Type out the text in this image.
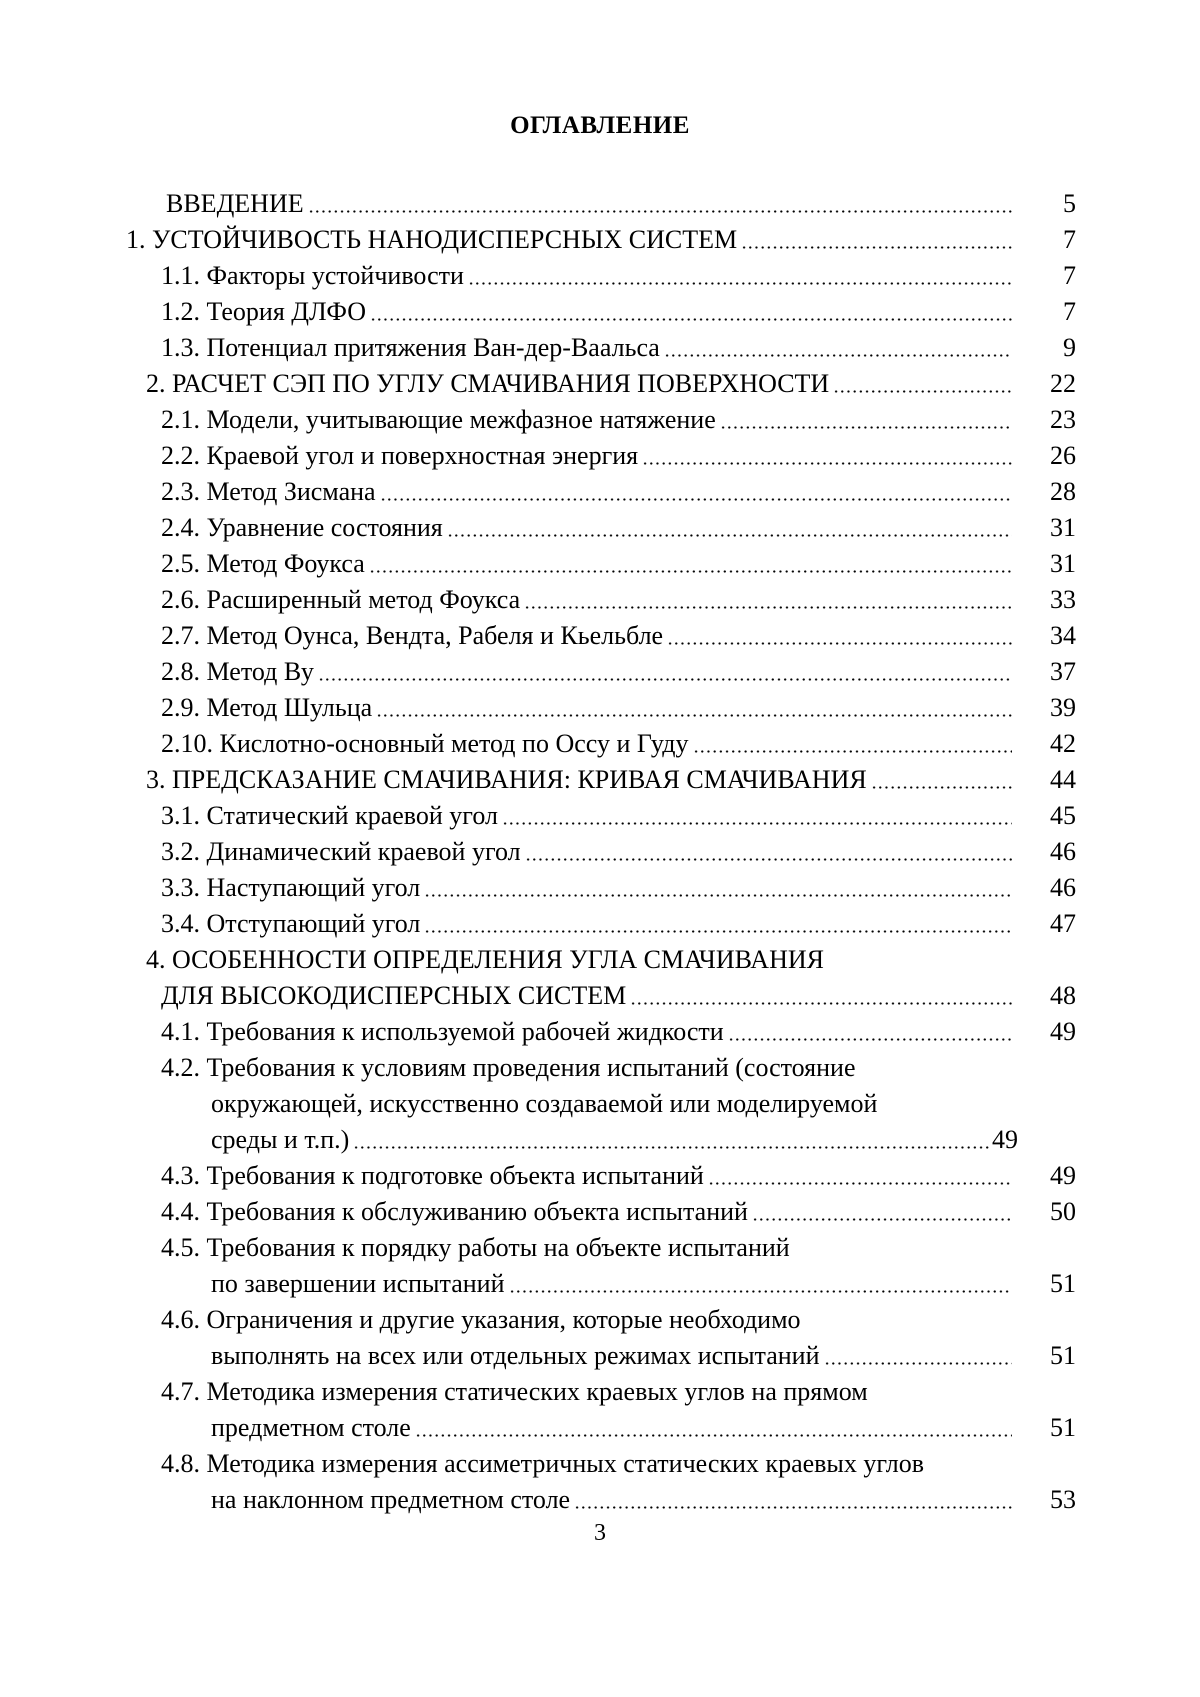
ОГЛАВЛЕНИЕ
ВВЕДЕНИЕ	5
1. УСТОЙЧИВОСТЬ НАНОДИСПЕРСНЫХ СИСТЕМ	7
1.1. Факторы устойчивости	7
1.2. Теория ДЛФО	7
1.3. Потенциал притяжения Ван-дер-Ваальса	9
2. РАСЧЕТ СЭП ПО УГЛУ СМАЧИВАНИЯ ПОВЕРХНОСТИ	22
2.1. Модели, учитывающие межфазное натяжение	23
2.2. Краевой угол и поверхностная энергия	26
2.3. Метод Зисмана	28
2.4. Уравнение состояния	31
2.5. Метод Фоукса	31
2.6. Расширенный метод Фоукса	33
2.7. Метод Оунса, Вендта, Рабеля и Кьельбле	34
2.8. Метод Ву	37
2.9. Метод Шульца	39
2.10. Кислотно-основный метод по Оссу и Гуду	42
3. ПРЕДСКАЗАНИЕ СМАЧИВАНИЯ: КРИВАЯ СМАЧИВАНИЯ	44
3.1. Статический краевой угол	45
3.2. Динамический краевой угол	46
3.3. Наступающий угол	46
3.4. Отступающий угол	47
4. ОСОБЕННОСТИ ОПРЕДЕЛЕНИЯ УГЛА СМАЧИВАНИЯ
ДЛЯ ВЫСОКОДИСПЕРСНЫХ СИСТЕМ	48
4.1. Требования к используемой рабочей жидкости	49
4.2. Требования к условиям проведения испытаний (состояние
окружающей, искусственно создаваемой или моделируемой
среды и т.п.)	49
4.3. Требования к подготовке объекта испытаний	49
4.4. Требования к обслуживанию объекта испытаний	50
4.5. Требования к порядку работы на объекте испытаний
по завершении испытаний	51
4.6. Ограничения и другие указания, которые необходимо
выполнять на всех или отдельных режимах испытаний	51
4.7. Методика измерения статических краевых углов на прямом
предметном столе	51
4.8. Методика измерения ассиметричных статических краевых углов
на наклонном предметном столе	53
3
